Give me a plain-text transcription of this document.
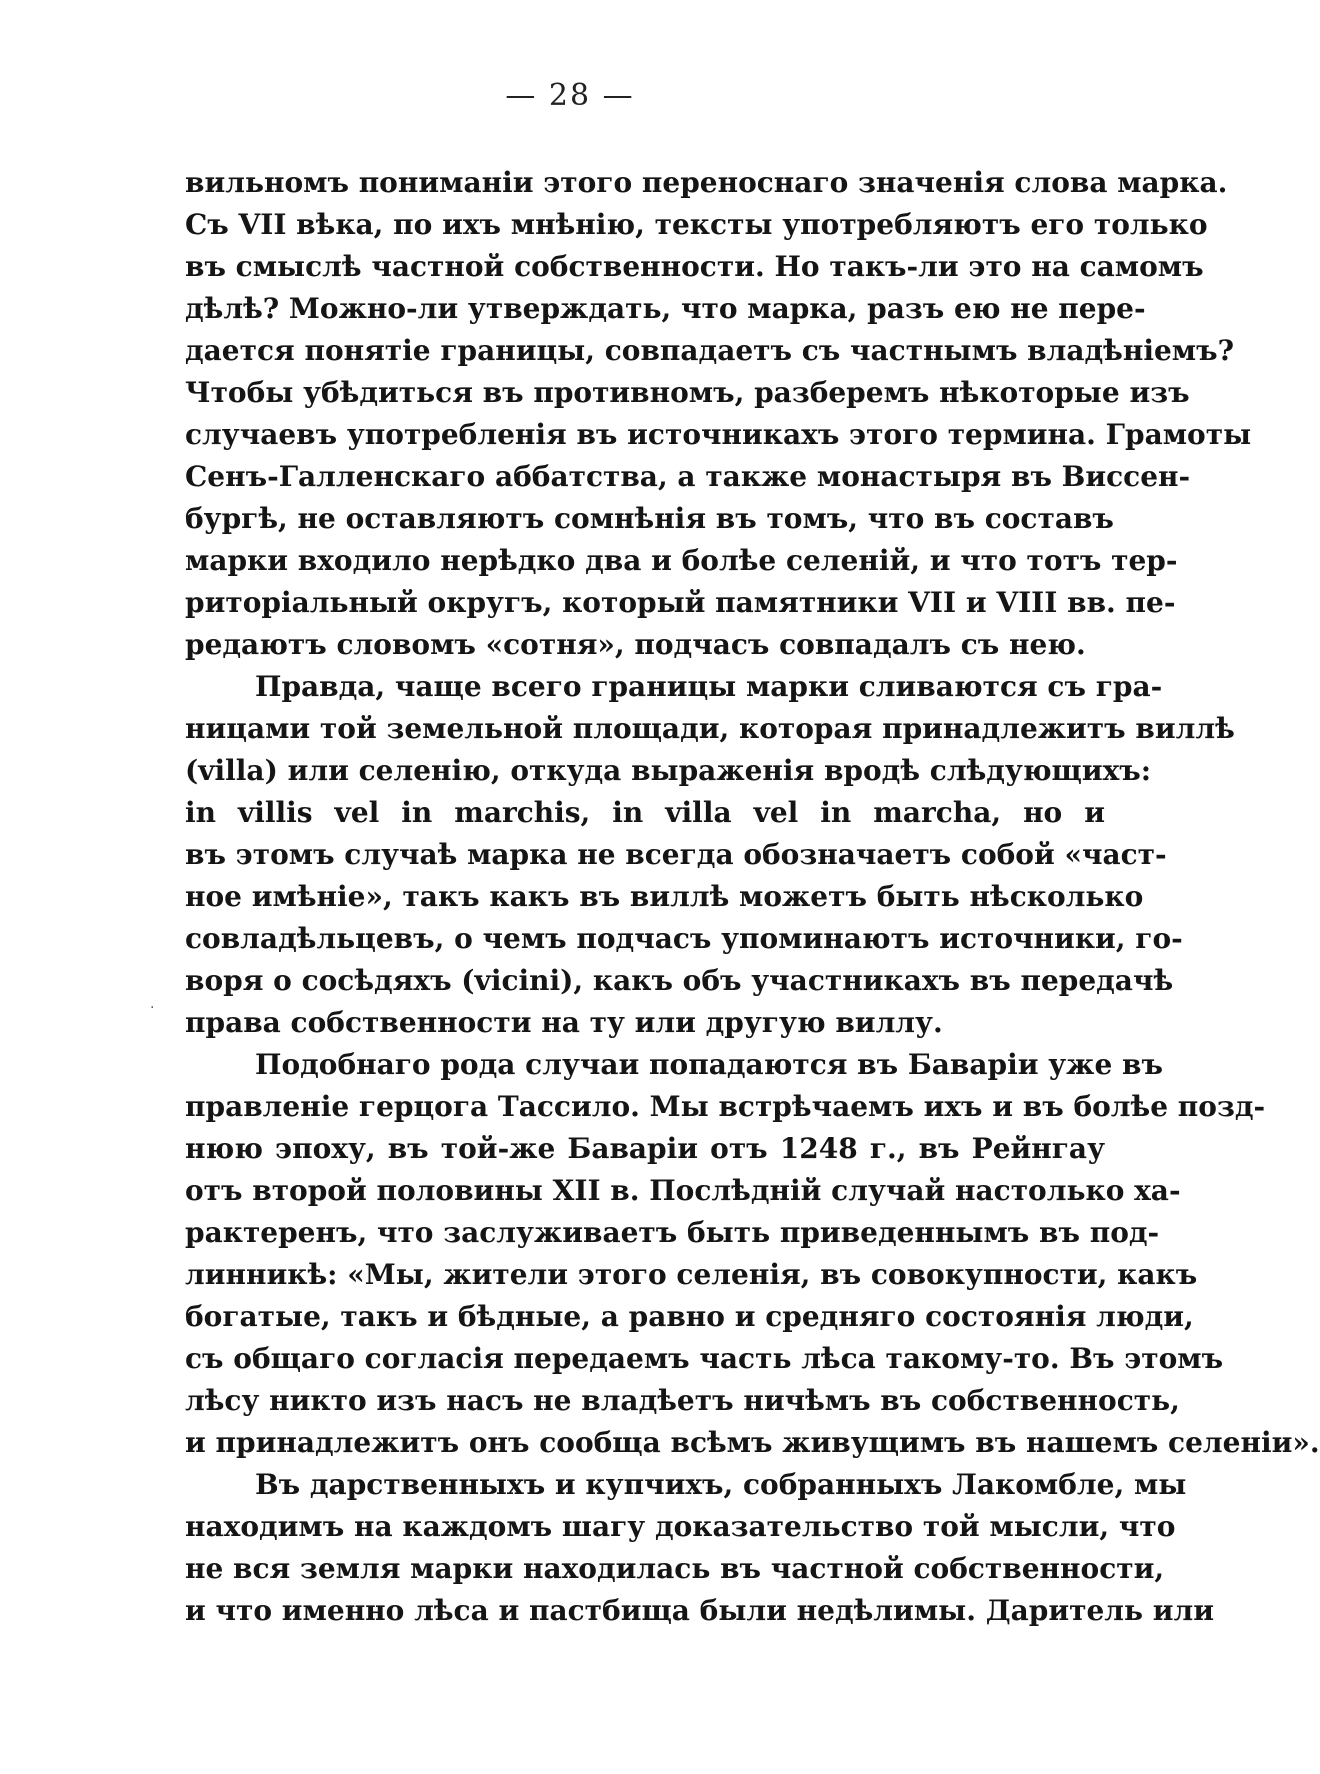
— 28 —
вильномъ пониманіи этого переноснаго значенія слова марка.
Съ VII вѣка, по ихъ мнѣнію, тексты употребляютъ его только
въ смыслѣ частной собственности. Но такъ-ли это на самомъ
дѣлѣ? Можно-ли утверждать, что марка, разъ ею не пере-
дается понятіе границы, совпадаетъ съ частнымъ владѣніемъ?
Чтобы убѣдиться въ противномъ, разберемъ нѣкоторые изъ
случаевъ употребленія въ источникахъ этого термина. Грамоты
Сенъ-Галленскаго аббатства, а также монастыря въ Виссен-
бургѣ, не оставляютъ сомнѣнія въ томъ, что въ составъ
марки входило нерѣдко два и болѣе селеній, и что тотъ тер-
риторіальный округъ, который памятники VII и VIII вв. пе-
редаютъ словомъ «сотня», подчасъ совпадалъ съ нею.
Правда, чаще всего границы марки сливаются съ гра-
ницами той земельной площади, которая принадлежитъ виллѣ
(villa) или селенію, откуда выраженія вродѣ слѣдующихъ:
in villis vel in marchis, in villa vel in marcha, но и
въ этомъ случаѣ марка не всегда обозначаетъ собой «част-
ное имѣніе», такъ какъ въ виллѣ можетъ быть нѣсколько
совладѣльцевъ, о чемъ подчасъ упоминаютъ источники, го-
воря о сосѣдяхъ (vicini), какъ объ участникахъ въ передачѣ
права собственности на ту или другую виллу.
Подобнаго рода случаи попадаются въ Баваріи уже въ
правленіе герцога Тассило. Мы встрѣчаемъ ихъ и въ болѣе позд-
нюю эпоху, въ той-же Баваріи отъ 1248 г., въ Рейнгау
отъ второй половины XII в. Послѣдній случай настолько ха-
рактеренъ, что заслуживаетъ быть приведеннымъ въ под-
линникѣ: «Мы, жители этого селенія, въ совокупности, какъ
богатые, такъ и бѣдные, а равно и средняго состоянія люди,
съ общаго согласія передаемъ часть лѣса такому-то. Въ этомъ
лѣсу никто изъ насъ не владѣетъ ничѣмъ въ собственность,
и принадлежитъ онъ сообща всѣмъ живущимъ въ нашемъ селеніи».
Въ дарственныхъ и купчихъ, собранныхъ Лакомбле, мы
находимъ на каждомъ шагу доказательство той мысли, что
не вся земля марки находилась въ частной собственности,
и что именно лѣса и пастбища были недѣлимы. Даритель или
·
